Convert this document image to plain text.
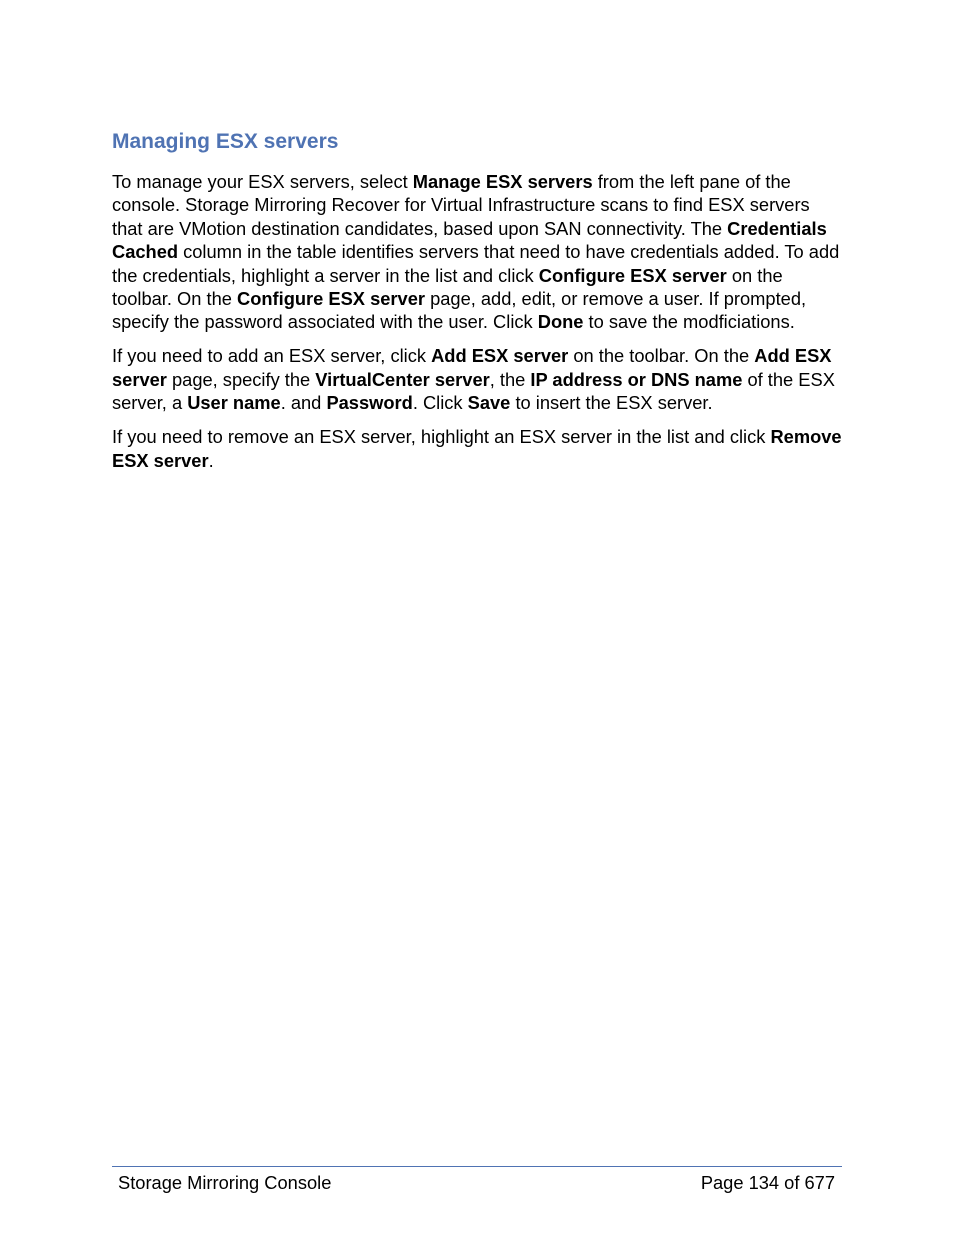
Managing ESX servers

To manage your ESX servers, select Manage ESX servers from the left pane of the console. Storage Mirroring Recover for Virtual Infrastructure scans to find ESX servers that are VMotion destination candidates, based upon SAN connectivity. The Credentials Cached column in the table identifies servers that need to have credentials added. To add the credentials, highlight a server in the list and click Configure ESX server on the toolbar. On the Configure ESX server page, add, edit, or remove a user. If prompted, specify the password associated with the user. Click Done to save the modficiations.

If you need to add an ESX server, click Add ESX server on the toolbar. On the Add ESX server page, specify the VirtualCenter server, the IP address or DNS name of the ESX server, a User name. and Password. Click Save to insert the ESX server.

If you need to remove an ESX server, highlight an ESX server in the list and click Remove ESX server.

Storage Mirroring Console	Page 134 of 677
